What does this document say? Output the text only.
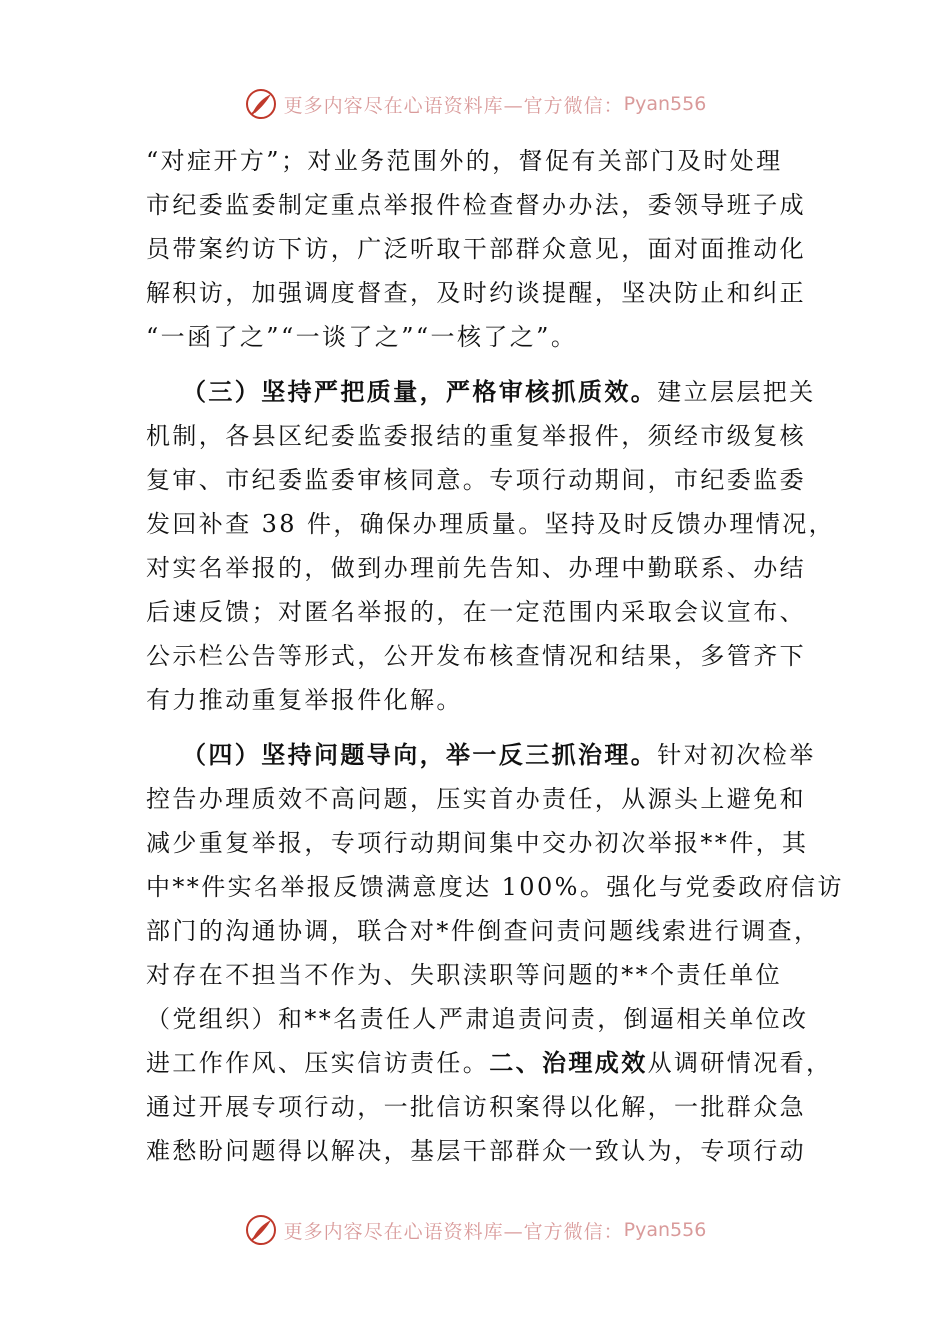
更多内容尽在心语资料库—官方微信： Pyan556
“对症开方”；对业务范围外的，督促有关部门及时处理
市纪委监委制定重点举报件检查督办办法，委领导班子成
员带案约访下访，广泛听取干部群众意见，面对面推动化
解积访，加强调度督查，及时约谈提醒，坚决防止和纠正
“一函了之”“一谈了之”“一核了之”。
（三）坚持严把质量，严格审核抓质效。建立层层把关
机制，各县区纪委监委报结的重复举报件，须经市级复核
复审、市纪委监委审核同意。专项行动期间，市纪委监委
发回补查 38 件，确保办理质量。坚持及时反馈办理情况，
对实名举报的，做到办理前先告知、办理中勤联系、办结
后速反馈；对匿名举报的，在一定范围内采取会议宣布、
公示栏公告等形式，公开发布核查情况和结果，多管齐下
有力推动重复举报件化解。
（四）坚持问题导向，举一反三抓治理。针对初次检举
控告办理质效不高问题，压实首办责任，从源头上避免和
减少重复举报，专项行动期间集中交办初次举报**件，其
中**件实名举报反馈满意度达 100%。强化与党委政府信访
部门的沟通协调，联合对*件倒查问责问题线索进行调查，
对存在不担当不作为、失职渎职等问题的**个责任单位
（党组织）和**名责任人严肃追责问责，倒逼相关单位改
进工作作风、压实信访责任。二、治理成效从调研情况看，
通过开展专项行动，一批信访积案得以化解，一批群众急
难愁盼问题得以解决，基层干部群众一致认为，专项行动
更多内容尽在心语资料库—官方微信： Pyan556
